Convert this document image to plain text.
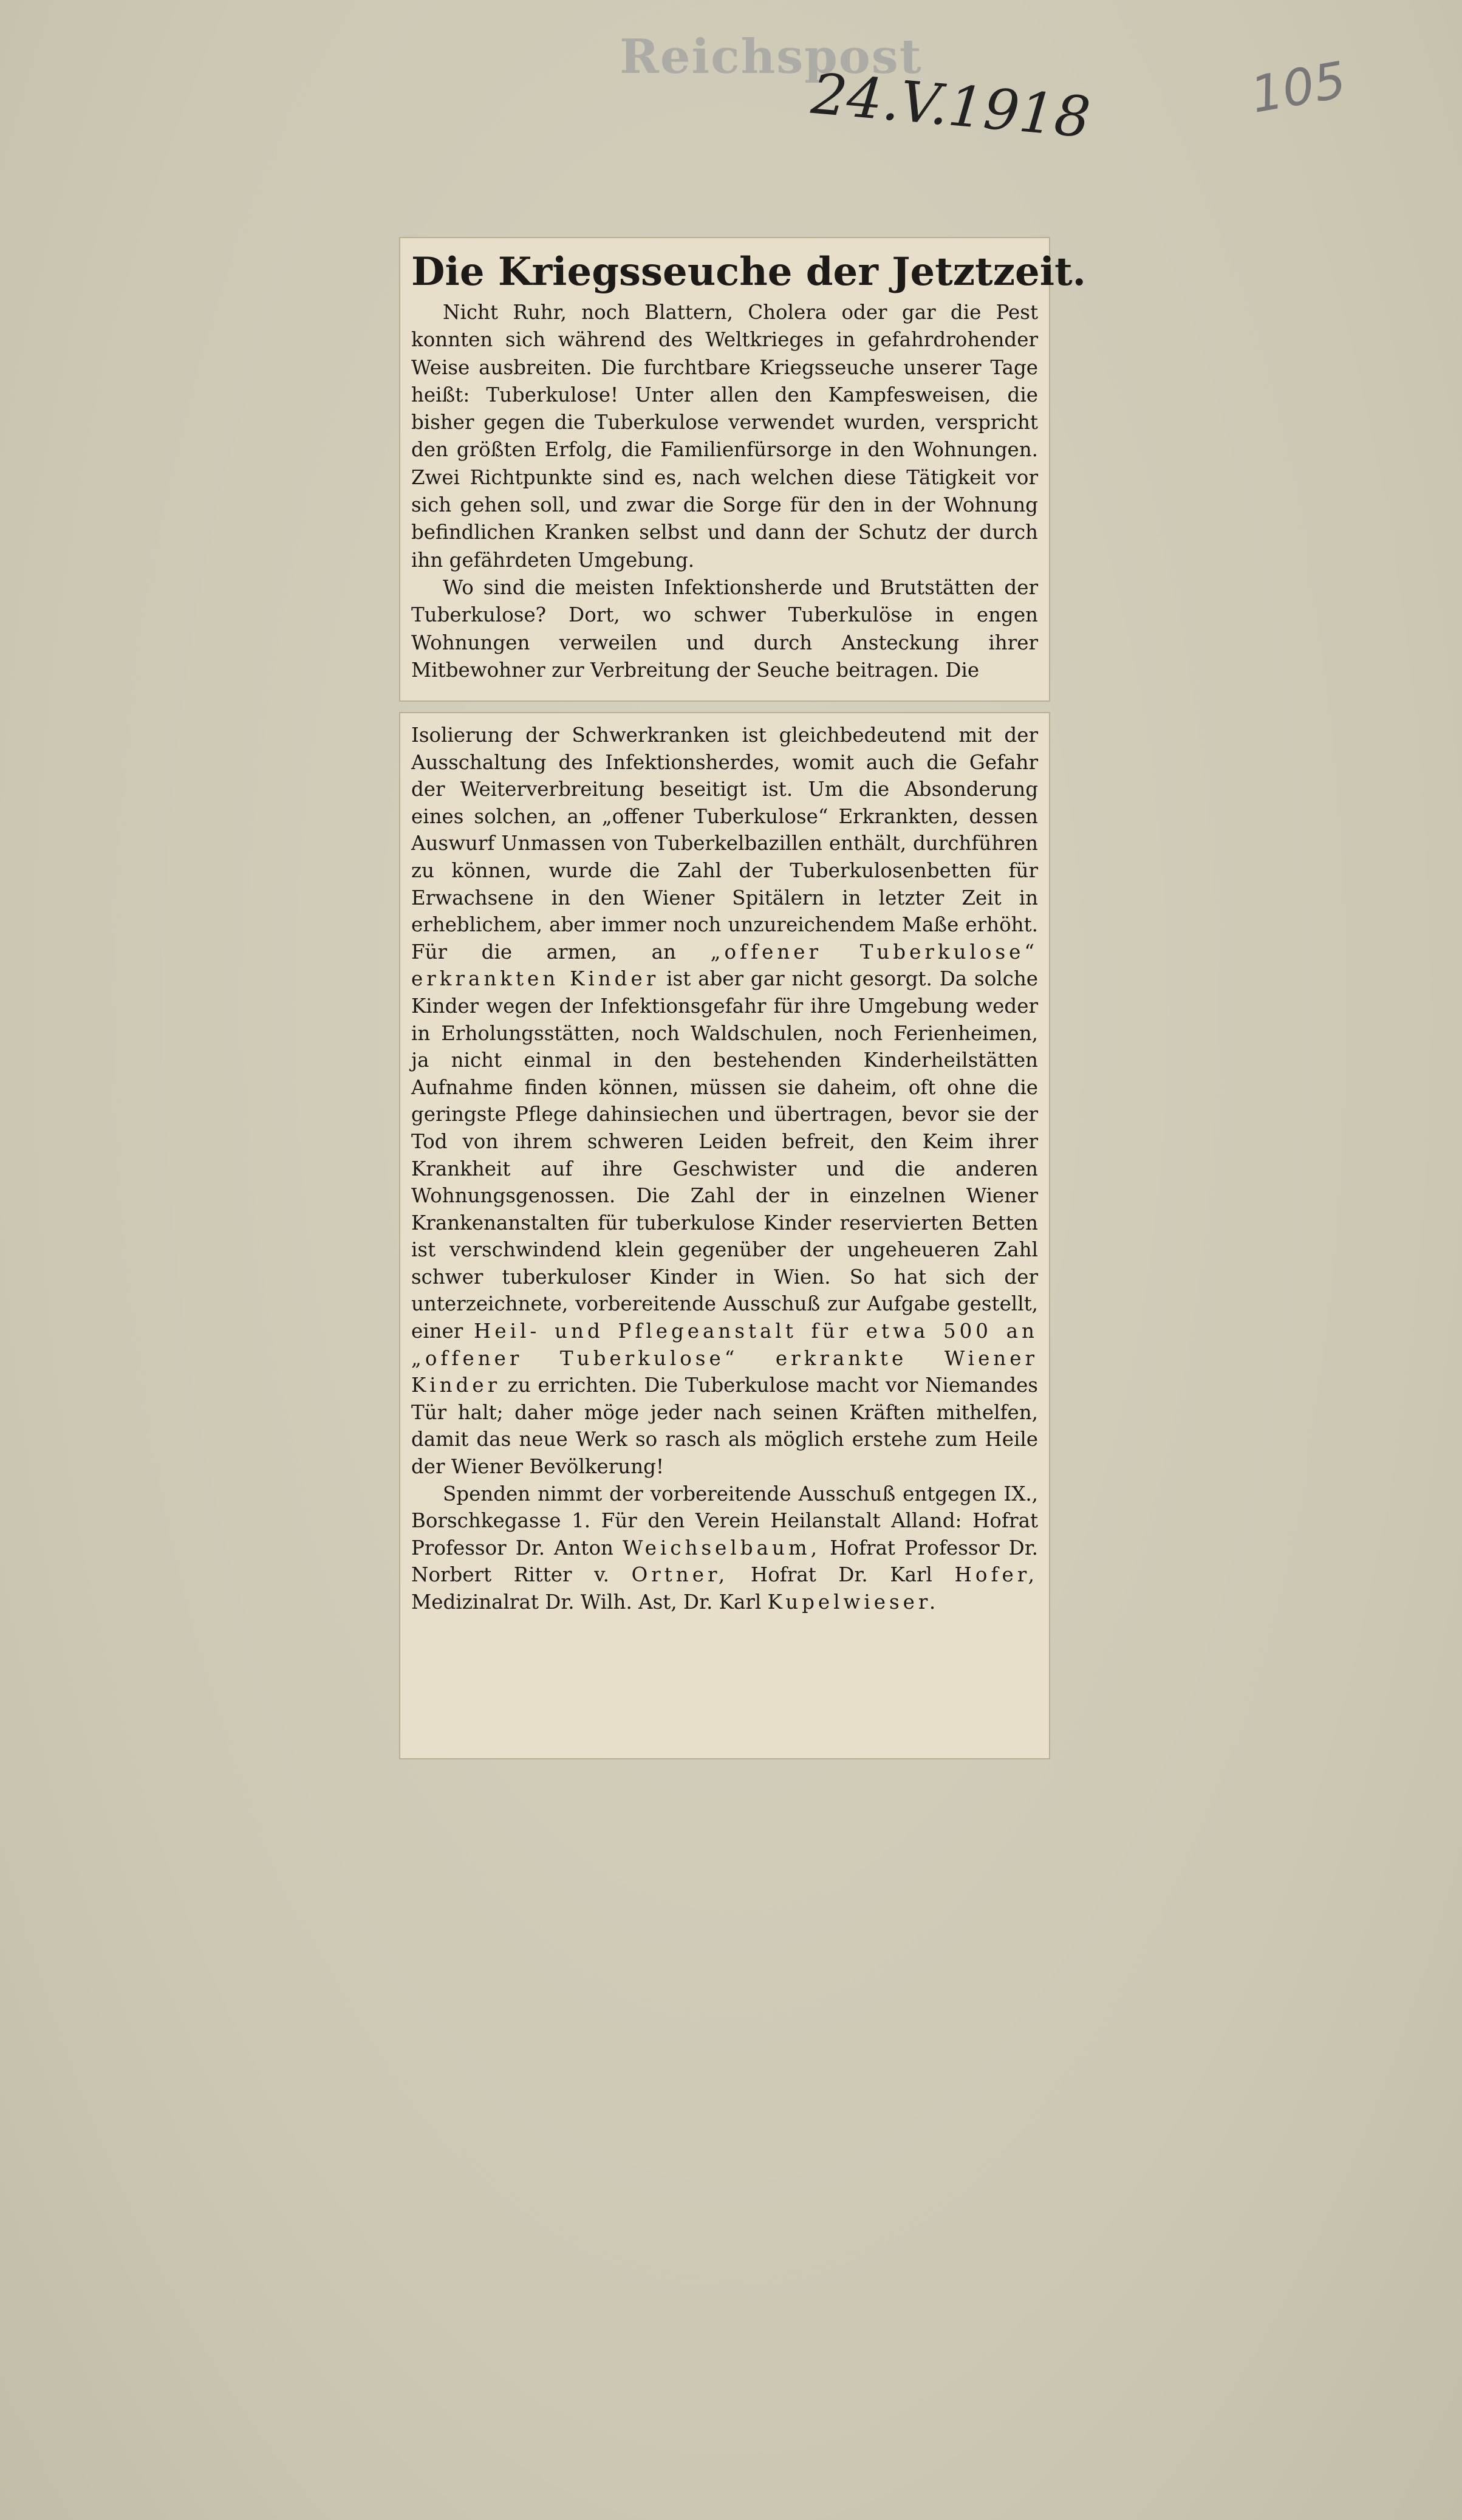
Reichspost
24.V.1918	105
Die Kriegsseuche der Jetztzeit.

Nicht Ruhr, noch Blattern, Cholera oder gar die Pest konnten sich während des Weltkrieges in gefahrdrohender Weise ausbreiten. Die furchtbare Kriegsseuche unserer Tage heißt: Tuberkulose! Unter allen den Kampfesweisen, die bisher gegen die Tuberkulose verwendet wurden, verspricht den größten Erfolg, die Familienfürsorge in den Wohnungen. Zwei Richtpunkte sind es, nach welchen diese Tätigkeit vor sich gehen soll, und zwar die Sorge für den in der Wohnung befindlichen Kranken selbst und dann der Schutz der durch ihn gefährdeten Umgebung.

Wo sind die meisten Infektionsherde und Brutstätten der Tuberkulose? Dort, wo schwer Tuberkulöse in engen Wohnungen verweilen und durch Ansteckung ihrer Mitbewohner zur Verbreitung der Seuche beitragen. Die

Isolierung der Schwerkranken ist gleichbedeutend mit der Ausschaltung des Infektionsherdes, womit auch die Gefahr der Weiterverbreitung beseitigt ist. Um die Absonderung eines solchen, an „offener Tuberkulose“ Erkrankten, dessen Auswurf Unmassen von Tuberkelbazillen enthält, durchführen zu können, wurde die Zahl der Tuberkulosenbetten für Erwachsene in den Wiener Spitälern in letzter Zeit in erheblichem, aber immer noch unzureichendem Maße erhöht. Für die armen, an „offener Tuberkulose“ erkrankten Kinder ist aber gar nicht gesorgt. Da solche Kinder wegen der Infektionsgefahr für ihre Umgebung weder in Erholungsstätten, noch Waldschulen, noch Ferienheimen, ja nicht einmal in den bestehenden Kinderheilstätten Aufnahme finden können, müssen sie daheim, oft ohne die geringste Pflege dahinsiechen und übertragen, bevor sie der Tod von ihrem schweren Leiden befreit, den Keim ihrer Krankheit auf ihre Geschwister und die anderen Wohnungsgenossen. Die Zahl der in einzelnen Wiener Krankenanstalten für tuberkulose Kinder reservierten Betten ist verschwindend klein gegenüber der ungeheueren Zahl schwer tuberkuloser Kinder in Wien. So hat sich der unterzeichnete, vorbereitende Ausschuß zur Aufgabe gestellt, einer Heil- und Pflegeanstalt für etwa 500 an „offener Tuberkulose“ erkrankte Wiener Kinder zu errichten. Die Tuberkulose macht vor Niemandes Tür halt; daher möge jeder nach seinen Kräften mithelfen, damit das neue Werk so rasch als möglich erstehe zum Heile der Wiener Bevölkerung!

Spenden nimmt der vorbereitende Ausschuß entgegen IX., Borschkegasse 1. Für den Verein Heilanstalt Alland: Hofrat Professor Dr. Anton Weichselbaum, Hofrat Professor Dr. Norbert Ritter v. Ortner, Hofrat Dr. Karl Hofer, Medizinalrat Dr. Wilh. Ast, Dr. Karl Kupelwieser.
